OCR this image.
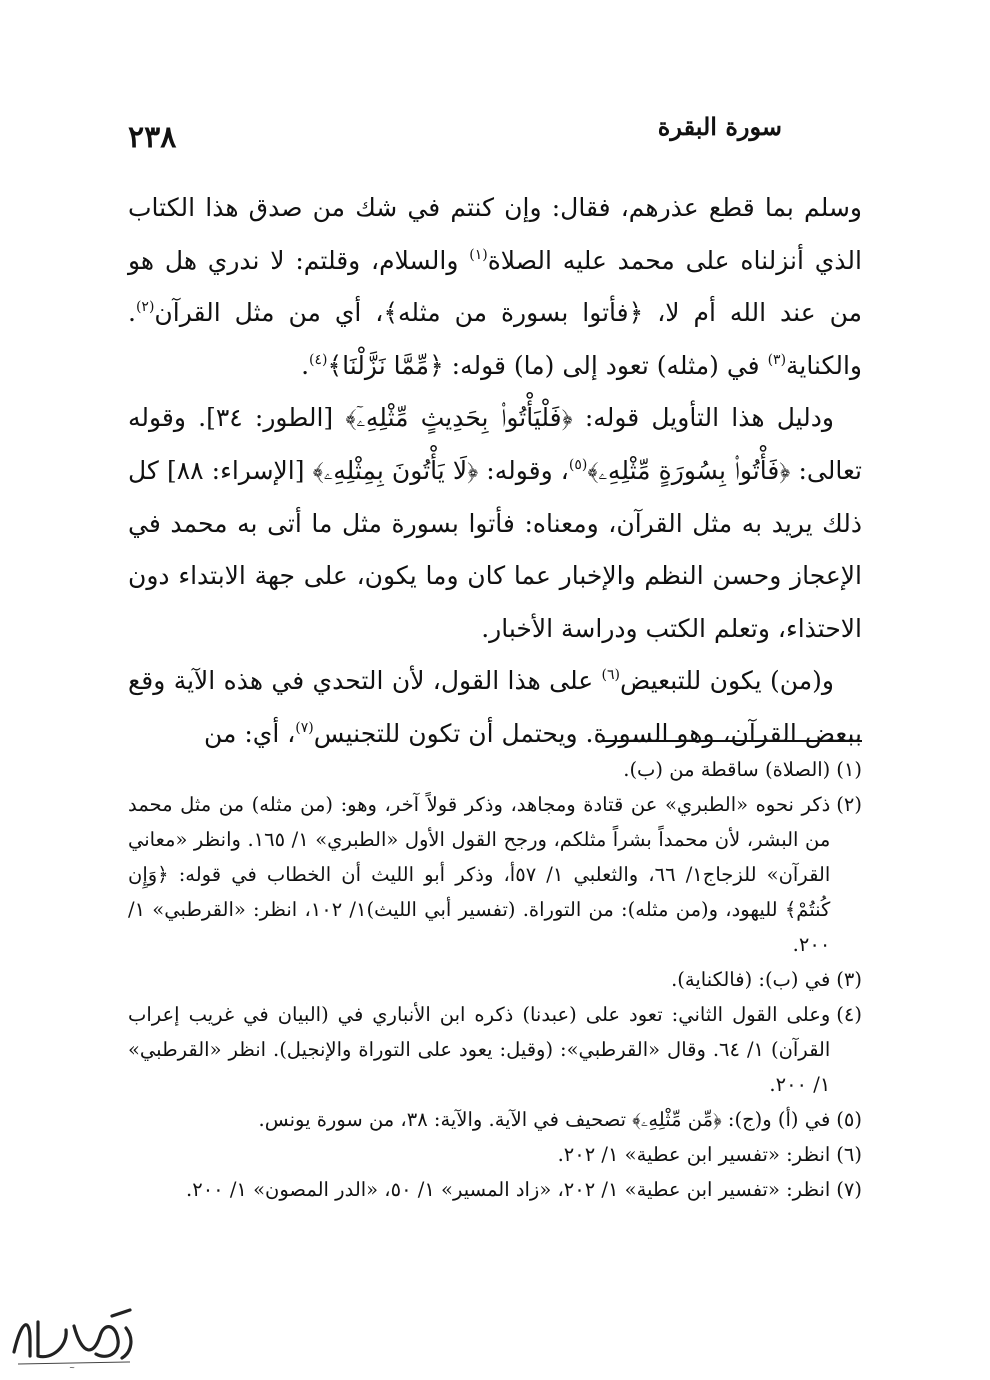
سورة البقرة
٢٣٨

وسلم بما قطع عذرهم، فقال: وإن كنتم في شك من صدق هذا الكتاب الذي أنزلناه على محمد عليه الصلاة$^{(١)}$ والسلام، وقلتم: لا ندري هل هو من عند الله أم لا، ﴿فأتوا بسورة من مثله﴾، أي من مثل القرآن$^{(٢)}$. والكناية$^{(٣)}$ في (مثله) تعود إلى (ما) قوله: ﴿مِّمَّا نَزَّلْنَا﴾$^{(٤)}$.

ودليل هذا التأويل قوله: ﴿فَلْيَأْتُوا۟ بِحَدِيثٍ مِّثْلِهِۦٓ﴾ [الطور: ٣٤]. وقوله تعالى: ﴿فَأْتُوا۟ بِسُورَةٍ مِّثْلِهِۦ﴾$^{(٥)}$، وقوله: ﴿لَا يَأْتُونَ بِمِثْلِهِۦ﴾ [الإسراء: ٨٨] كل ذلك يريد به مثل القرآن، ومعناه: فأتوا بسورة مثل ما أتى به محمد في الإعجاز وحسن النظم والإخبار عما كان وما يكون، على جهة الابتداء دون الاحتذاء، وتعلم الكتب ودراسة الأخبار.

و(من) يكون للتبعيض$^{(٦)}$ على هذا القول، لأن التحدي في هذه الآية وقع ببعض القرآن، وهو السورة. ويحتمل أن تكون للتجنيس$^{(٧)}$، أي: من

(١)
(الصلاة) ساقطة من (ب).
(٢)
ذكر نحوه «الطبري» عن قتادة ومجاهد، وذكر قولاً آخر، وهو: (من مثله) من مثل محمد من البشر، لأن محمداً بشراً مثلكم، ورجح القول الأول «الطبري» ١/ ١٦٥. وانظر «معاني القرآن» للزجاج١/ ٦٦، والثعلبي ١/ ٥٧أ، وذكر أبو الليث أن الخطاب في قوله: ﴿وَإِن كُنتُمْ﴾ لليهود، و(من مثله): من التوراة. (تفسير أبي الليث)١/ ١٠٢، انظر: «القرطبي» ١/ ٢٠٠.
(٣)
في (ب): (فالكناية).
(٤)
وعلى القول الثاني: تعود على (عبدنا) ذكره ابن الأنباري في (البيان في غريب إعراب القرآن) ١/ ٦٤. وقال «القرطبي»: (وقيل: يعود على التوراة والإنجيل). انظر «القرطبي» ١/ ٢٠٠.
(٥)
في (أ) و(ج): ﴿مِّن مِّثْلِهِۦ﴾ تصحيف في الآية. والآية: ٣٨، من سورة يونس.
(٦)
انظر: «تفسير ابن عطية» ١/ ٢٠٢.
(٧)
انظر: «تفسير ابن عطية» ١/ ٢٠٢، «زاد المسير» ١/ ٥٠، «الدر المصون» ١/ ٢٠٠.
~
